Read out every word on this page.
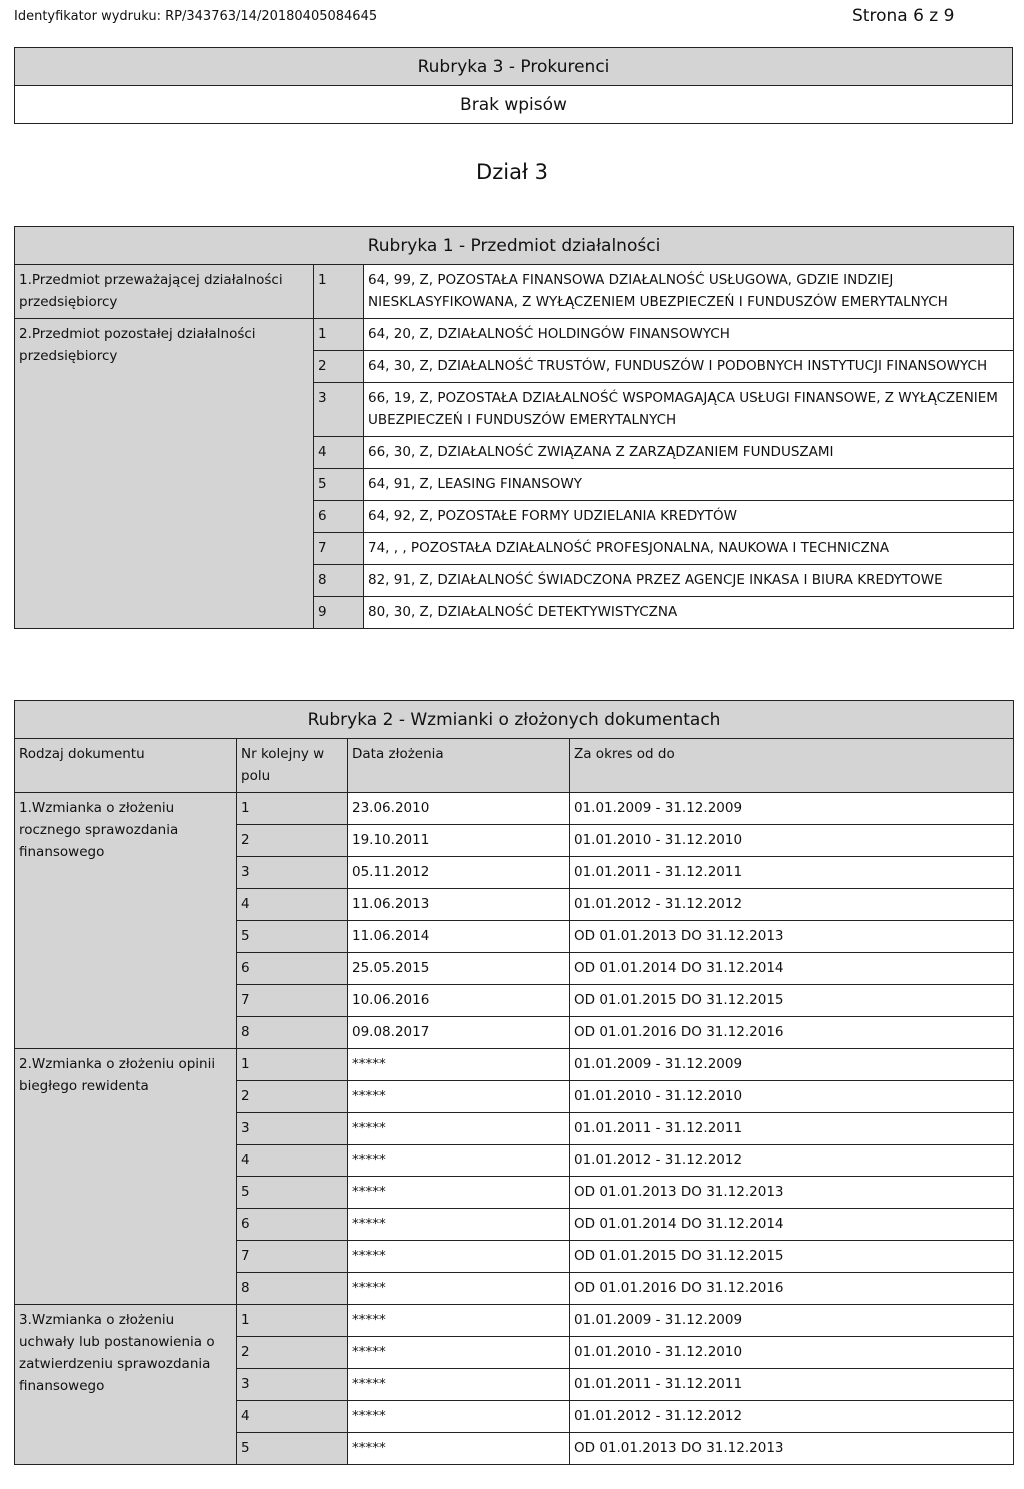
Identyfikator wydruku: RP/343763/14/20180405084645	Strona 6 z 9
Rubryka 3 - Prokurenci
Brak wpisów
Dział 3
Rubryka 1 - Przedmiot działalności		
1.Przedmiot przeważającej działalności przedsiębiorcy	1	64, 99, Z, POZOSTAŁA FINANSOWA DZIAŁALNOŚĆ USŁUGOWA, GDZIE INDZIEJ NIESKLASYFIKOWANA, Z WYŁĄCZENIEM UBEZPIECZEŃ I FUNDUSZÓW EMERYTALNYCH
2.Przedmiot pozostałej działalności przedsiębiorcy	1	64, 20, Z, DZIAŁALNOŚĆ HOLDINGÓW FINANSOWYCH
	2	64, 30, Z, DZIAŁALNOŚĆ TRUSTÓW, FUNDUSZÓW I PODOBNYCH INSTYTUCJI FINANSOWYCH
	3	66, 19, Z, POZOSTAŁA DZIAŁALNOŚĆ WSPOMAGAJĄCA USŁUGI FINANSOWE, Z WYŁĄCZENIEM UBEZPIECZEŃ I FUNDUSZÓW EMERYTALNYCH
	4	66, 30, Z, DZIAŁALNOŚĆ ZWIĄZANA Z ZARZĄDZANIEM FUNDUSZAMI
	5	64, 91, Z, LEASING FINANSOWY
	6	64, 92, Z, POZOSTAŁE FORMY UDZIELANIA KREDYTÓW
	7	74, , , POZOSTAŁA DZIAŁALNOŚĆ PROFESJONALNA, NAUKOWA I TECHNICZNA
	8	82, 91, Z, DZIAŁALNOŚĆ ŚWIADCZONA PRZEZ AGENCJE INKASA I BIURA KREDYTOWE
	9	80, 30, Z, DZIAŁALNOŚĆ DETEKTYWISTYCZNA
Rubryka 2 - Wzmianki o złożonych dokumentach			
Rodzaj dokumentu	Nr kolejny w polu	Data złożenia	Za okres od do
1.Wzmianka o złożeniu rocznego sprawozdania finansowego	1	23.06.2010	01.01.2009 - 31.12.2009
	2	19.10.2011	01.01.2010 - 31.12.2010
	3	05.11.2012	01.01.2011 - 31.12.2011
	4	11.06.2013	01.01.2012 - 31.12.2012
	5	11.06.2014	OD 01.01.2013 DO 31.12.2013
	6	25.05.2015	OD 01.01.2014 DO 31.12.2014
	7	10.06.2016	OD 01.01.2015 DO 31.12.2015
	8	09.08.2017	OD 01.01.2016 DO 31.12.2016
2.Wzmianka o złożeniu opinii biegłego rewidenta	1	*****	01.01.2009 - 31.12.2009
	2	*****	01.01.2010 - 31.12.2010
	3	*****	01.01.2011 - 31.12.2011
	4	*****	01.01.2012 - 31.12.2012
	5	*****	OD 01.01.2013 DO 31.12.2013
	6	*****	OD 01.01.2014 DO 31.12.2014
	7	*****	OD 01.01.2015 DO 31.12.2015
	8	*****	OD 01.01.2016 DO 31.12.2016
3.Wzmianka o złożeniu uchwały lub postanowienia o zatwierdzeniu sprawozdania finansowego	1	*****	01.01.2009 - 31.12.2009
	2	*****	01.01.2010 - 31.12.2010
	3	*****	01.01.2011 - 31.12.2011
	4	*****	01.01.2012 - 31.12.2012
	5	*****	OD 01.01.2013 DO 31.12.2013
